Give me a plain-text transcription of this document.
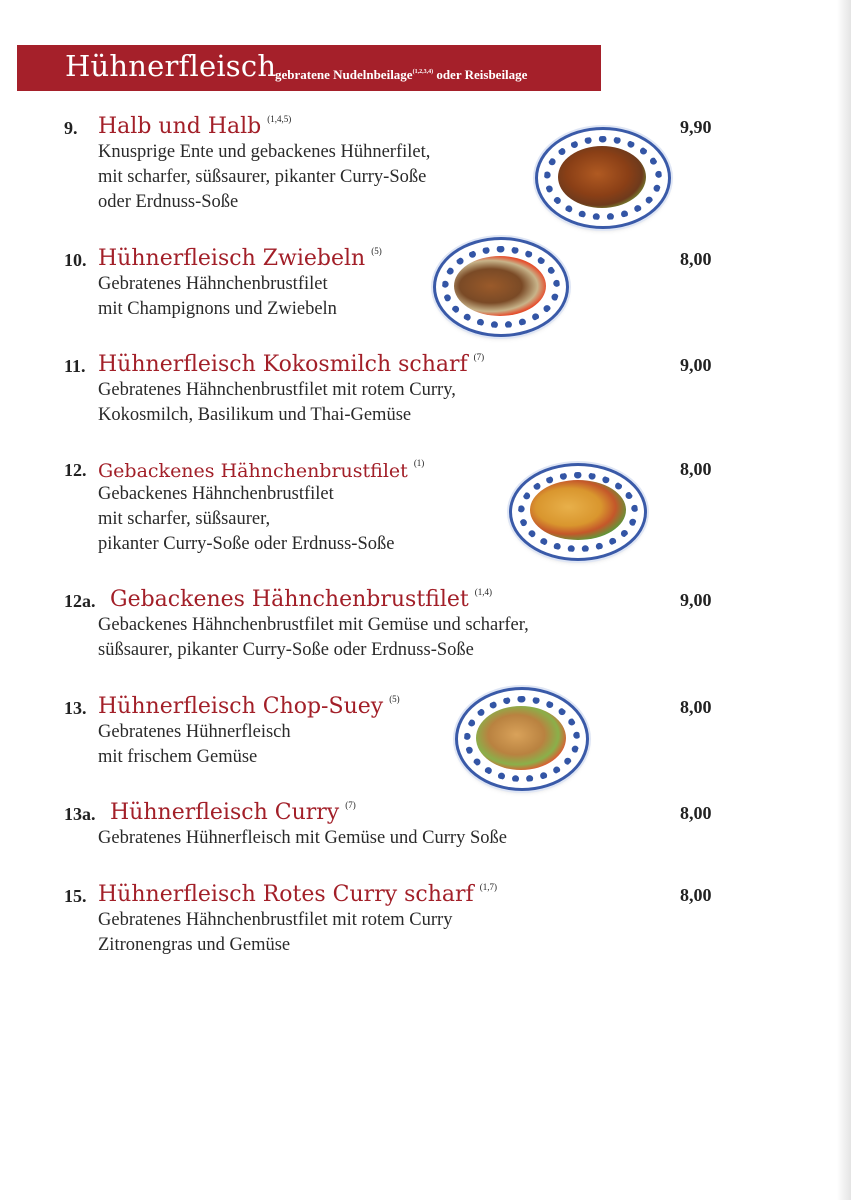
Hühnerfleisch
gebratene Nudelnbeilage$^{(1,2,3,4)}$ oder Reisbeilage
9. Halb und Halb $^{(1,4,5)}$
Knusprige Ente und gebackenes Hühnerfilet,
mit scharfer, süßsaurer, pikanter Curry-Soße
oder Erdnuss-Soße
9,90
10. Hühnerfleisch Zwiebeln $^{(5)}$
Gebratenes Hähnchenbrustfilet
mit Champignons und Zwiebeln
8,00
11. Hühnerfleisch Kokosmilch scharf $^{(7)}$
Gebratenes Hähnchenbrustfilet mit rotem Curry,
Kokosmilch, Basilikum und Thai-Gemüse
9,00
12. Gebackenes Hähnchenbrustfilet $^{(1)}$
Gebackenes Hähnchenbrustfilet
mit scharfer, süßsaurer,
pikanter Curry-Soße oder Erdnuss-Soße
8,00
12a. Gebackenes Hähnchenbrustfilet $^{(1,4)}$
Gebackenes Hähnchenbrustfilet mit Gemüse und scharfer,
süßsaurer, pikanter Curry-Soße oder Erdnuss-Soße
9,00
13. Hühnerfleisch Chop-Suey $^{(5)}$
Gebratenes Hühnerfleisch
mit frischem Gemüse
8,00
13a. Hühnerfleisch Curry $^{(7)}$
Gebratenes Hühnerfleisch mit Gemüse und Curry Soße
8,00
15. Hühnerfleisch Rotes Curry scharf $^{(1,7)}$
Gebratenes Hähnchenbrustfilet mit rotem Curry
Zitronengras und Gemüse
8,00
